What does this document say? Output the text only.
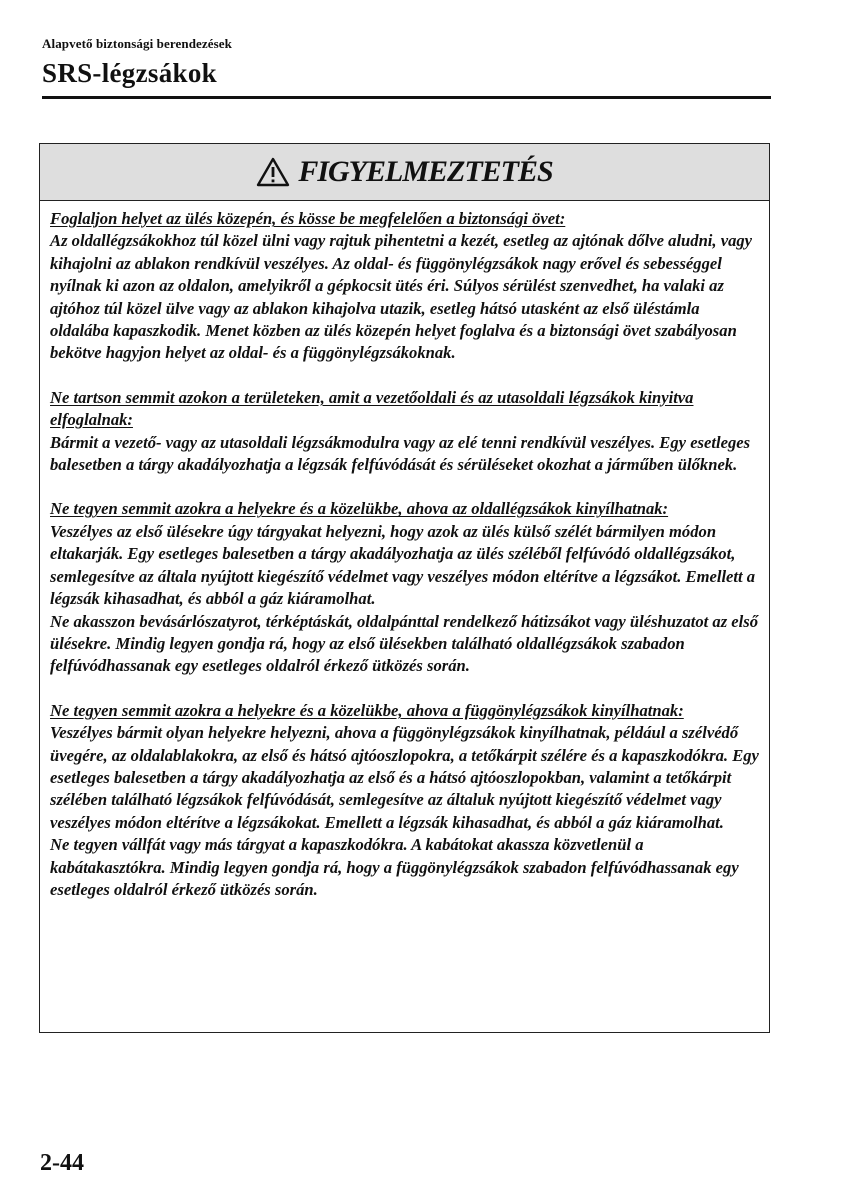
Alapvető biztonsági berendezések
SRS-légzsákok
FIGYELMEZTETÉS
Foglaljon helyet az ülés közepén, és kösse be megfelelően a biztonsági övet:
Az oldallégzsákokhoz túl közel ülni vagy rajtuk pihentetni a kezét, esetleg az ajtónak dőlve aludni, vagy kihajolni az ablakon rendkívül veszélyes. Az oldal- és függönylégzsákok nagy erővel és sebességgel nyílnak ki azon az oldalon, amelyikről a gépkocsit ütés éri. Súlyos sérülést szenvedhet, ha valaki az ajtóhoz túl közel ülve vagy az ablakon kihajolva utazik, esetleg hátsó utasként az első üléstámla oldalába kapaszkodik. Menet közben az ülés közepén helyet foglalva és a biztonsági övet szabályosan bekötve hagyjon helyet az oldal- és a függönylégzsákoknak.
Ne tartson semmit azokon a területeken, amit a vezetőoldali és az utasoldali légzsákok kinyitva elfoglalnak:
Bármit a vezető- vagy az utasoldali légzsákmodulra vagy az elé tenni rendkívül veszélyes. Egy esetleges balesetben a tárgy akadályozhatja a légzsák felfúvódását és sérüléseket okozhat a járműben ülőknek.
Ne tegyen semmit azokra a helyekre és a közelükbe, ahova az oldallégzsákok kinyílhatnak:
Veszélyes az első ülésekre úgy tárgyakat helyezni, hogy azok az ülés külső szélét bármilyen módon eltakarják. Egy esetleges balesetben a tárgy akadályozhatja az ülés széléből felfúvódó oldallégzsákot, semlegesítve az általa nyújtott kiegészítő védelmet vagy veszélyes módon eltérítve a légzsákot. Emellett a légzsák kihasadhat, és abból a gáz kiáramolhat.
Ne akasszon bevásárlószatyrot, térképtáskát, oldalpánttal rendelkező hátizsákot vagy üléshuzatot az első ülésekre. Mindig legyen gondja rá, hogy az első ülésekben található oldallégzsákok szabadon felfúvódhassanak egy esetleges oldalról érkező ütközés során.
Ne tegyen semmit azokra a helyekre és a közelükbe, ahova a függönylégzsákok kinyílhatnak:
Veszélyes bármit olyan helyekre helyezni, ahova a függönylégzsákok kinyílhatnak, például a szélvédő üvegére, az oldalablakokra, az első és hátsó ajtóoszlopokra, a tetőkárpit szélére és a kapaszkodókra. Egy esetleges balesetben a tárgy akadályozhatja az első és a hátsó ajtóoszlopokban, valamint a tetőkárpit szélében található légzsákok felfúvódását, semlegesítve az általuk nyújtott kiegészítő védelmet vagy veszélyes módon eltérítve a légzsákokat. Emellett a légzsák kihasadhat, és abból a gáz kiáramolhat.
Ne tegyen vállfát vagy más tárgyat a kapaszkodókra. A kabátokat akassza közvetlenül a kabátakasztókra. Mindig legyen gondja rá, hogy a függönylégzsákok szabadon felfúvódhassanak egy esetleges oldalról érkező ütközés során.
2-44
